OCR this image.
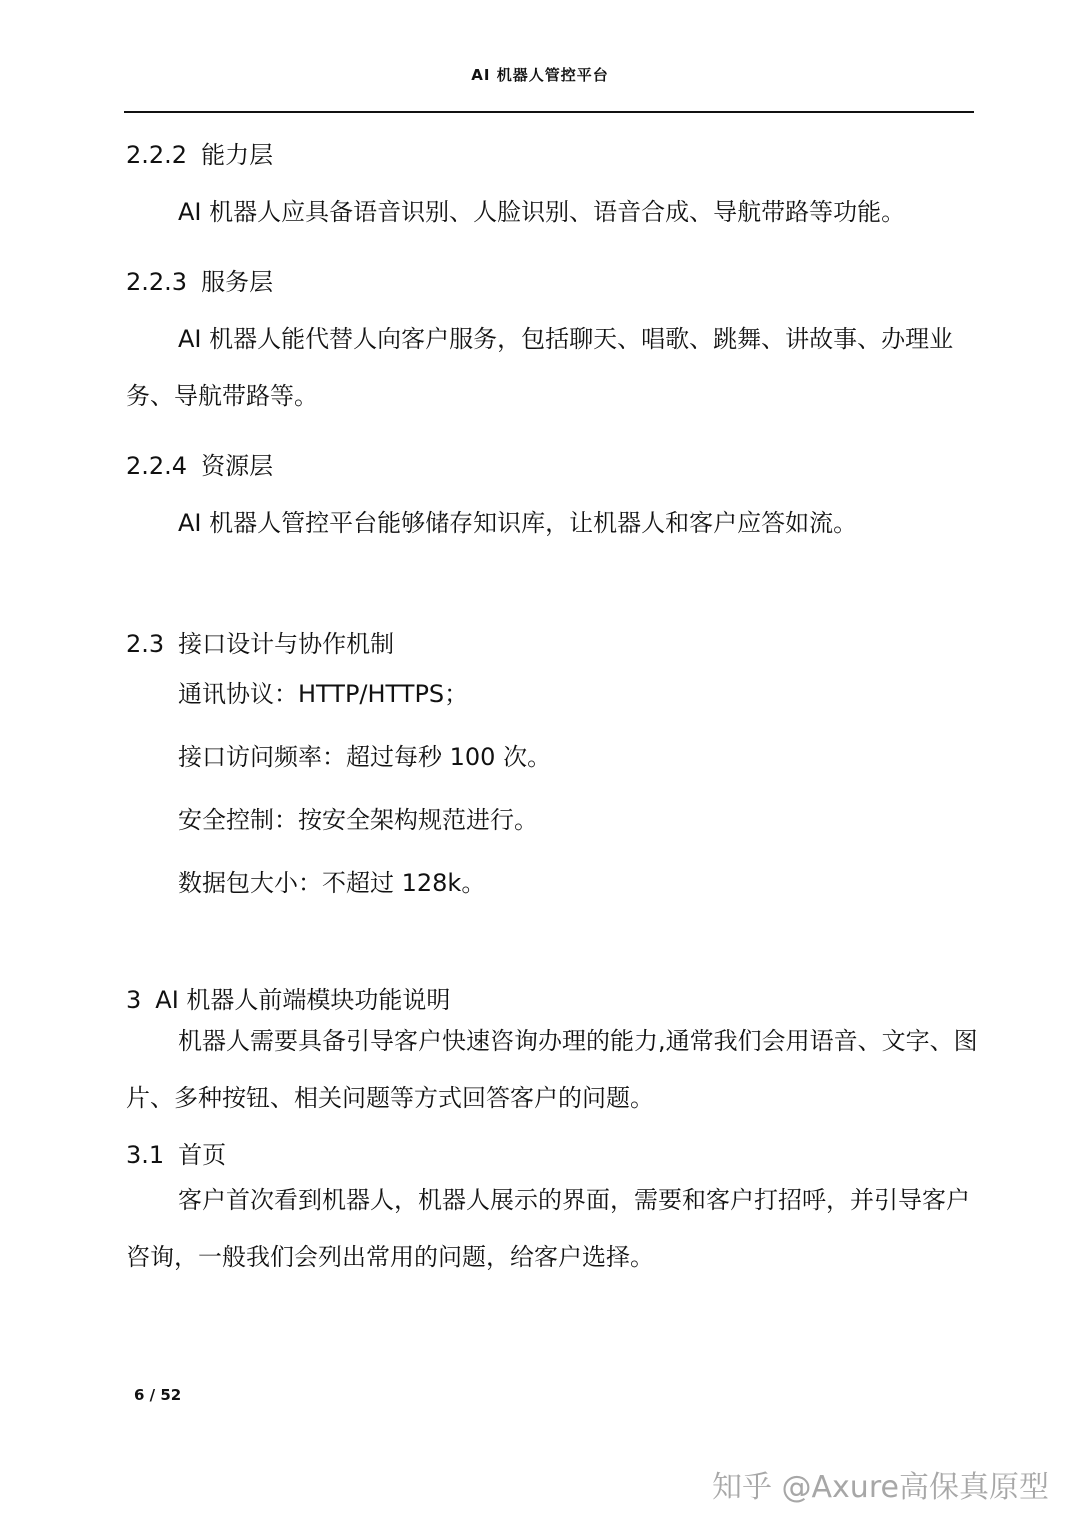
AI 机器人管控平台
2.2.2 能力层
AI 机器人应具备语音识别、人脸识别、语音合成、导航带路等功能。
2.2.3 服务层
AI 机器人能代替人向客户服务，包括聊天、唱歌、跳舞、讲故事、办理业务、导航带路等。
2.2.4 资源层
AI 机器人管控平台能够储存知识库，让机器人和客户应答如流。
2.3 接口设计与协作机制
通讯协议：HTTP/HTTPS；
接口访问频率：超过每秒 100 次。
安全控制：按安全架构规范进行。
数据包大小：不超过 128k。
3 AI 机器人前端模块功能说明
机器人需要具备引导客户快速咨询办理的能力,通常我们会用语音、文字、图片、多种按钮、相关问题等方式回答客户的问题。
3.1 首页
客户首次看到机器人，机器人展示的界面，需要和客户打招呼，并引导客户咨询，一般我们会列出常用的问题，给客户选择。
6 / 52
知乎 @Axure高保真原型
